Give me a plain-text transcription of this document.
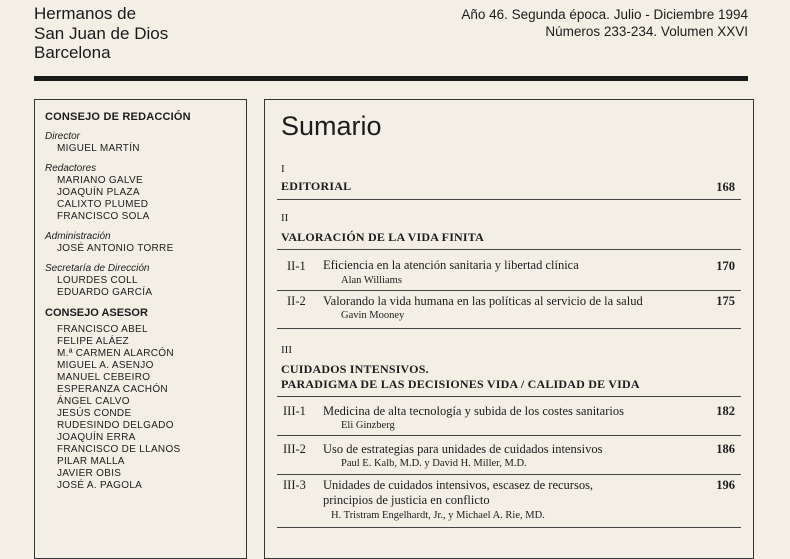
Hermanos de
San Juan de Dios
Barcelona
Año 46. Segunda época. Julio - Diciembre 1994
Números 233-234. Volumen XXVI
CONSEJO DE REDACCIÓN
Director
MIGUEL MARTÍN
Redactores
MARIANO GALVE
JOAQUÍN PLAZA
CALIXTO PLUMED
FRANCISCO SOLA
Administración
JOSÉ ANTONIO TORRE
Secretaría de Dirección
LOURDES COLL
EDUARDO GARCÍA
CONSEJO ASESOR
FRANCISCO ABEL
FELIPE ALÁEZ
M.ª CARMEN ALARCÓN
MIGUEL A. ASENJO
MANUEL CEBEIRO
ESPERANZA CACHÓN
ÁNGEL CALVO
JESÚS CONDE
RUDESINDO DELGADO
JOAQUÍN ERRA
FRANCISCO DE LLANOS
PILAR MALLA
JAVIER OBIS
JOSÉ A. PAGOLA
Sumario
I
EDITORIAL	168
II
VALORACIÓN DE LA VIDA FINITA
II-1 Eficiencia en la atención sanitaria y libertad clínica
Alan Williams
170
II-2 Valorando la vida humana en las políticas al servicio de la salud
Gavin Mooney
175
III
CUIDADOS INTENSIVOS.
PARADIGMA DE LAS DECISIONES VIDA / CALIDAD DE VIDA
III-1 Medicina de alta tecnología y subida de los costes sanitarios
Eli Ginzberg
182
III-2 Uso de estrategias para unidades de cuidados intensivos
Paul E. Kalb, M.D. y David H. Miller, M.D.
186
III-3 Unidades de cuidados intensivos, escasez de recursos,
principios de justicia en conflicto
H. Tristram Engelhardt, Jr., y Michael A. Rie, MD.
196
